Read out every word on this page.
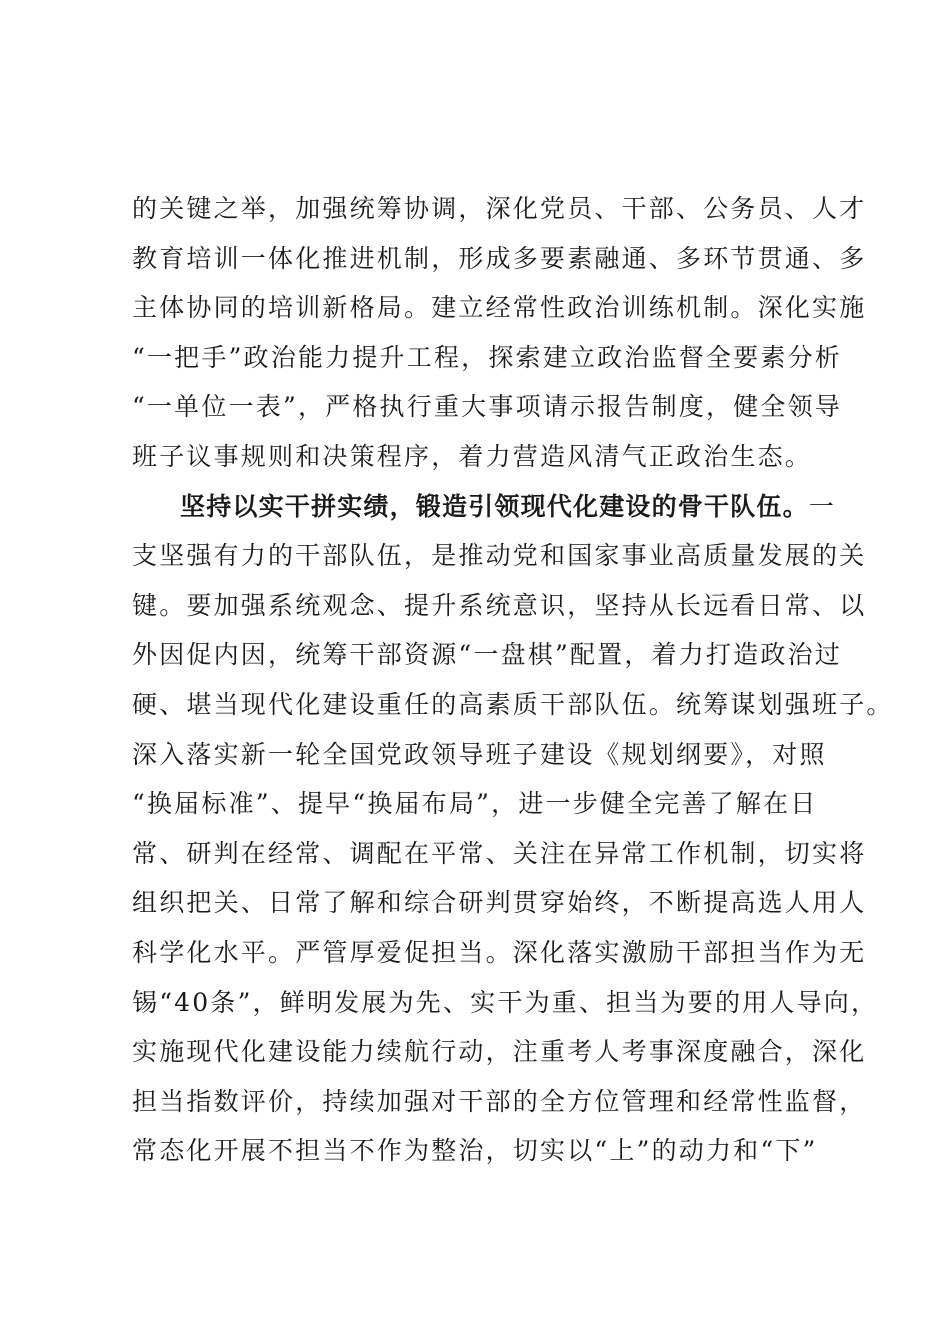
的关键之举，加强统筹协调，深化党员、干部、公务员、人才
教育培训一体化推进机制，形成多要素融通、多环节贯通、多
主体协同的培训新格局。建立经常性政治训练机制。深化实施
“一把手”政治能力提升工程，探索建立政治监督全要素分析
“一单位一表”，严格执行重大事项请示报告制度，健全领导
班子议事规则和决策程序，着力营造风清气正政治生态。
坚持以实干拼实绩，锻造引领现代化建设的骨干队伍。一
支坚强有力的干部队伍，是推动党和国家事业高质量发展的关
键。要加强系统观念、提升系统意识，坚持从长远看日常、以
外因促内因，统筹干部资源“一盘棋”配置，着力打造政治过
硬、堪当现代化建设重任的高素质干部队伍。统筹谋划强班子。
深入落实新一轮全国党政领导班子建设《规划纲要》，对照
“换届标准”、提早“换届布局”，进一步健全完善了解在日
常、研判在经常、调配在平常、关注在异常工作机制，切实将
组织把关、日常了解和综合研判贯穿始终，不断提高选人用人
科学化水平。严管厚爱促担当。深化落实激励干部担当作为无
锡“40条”，鲜明发展为先、实干为重、担当为要的用人导向，
实施现代化建设能力续航行动，注重考人考事深度融合，深化
担当指数评价，持续加强对干部的全方位管理和经常性监督，
常态化开展不担当不作为整治，切实以“上”的动力和“下”
